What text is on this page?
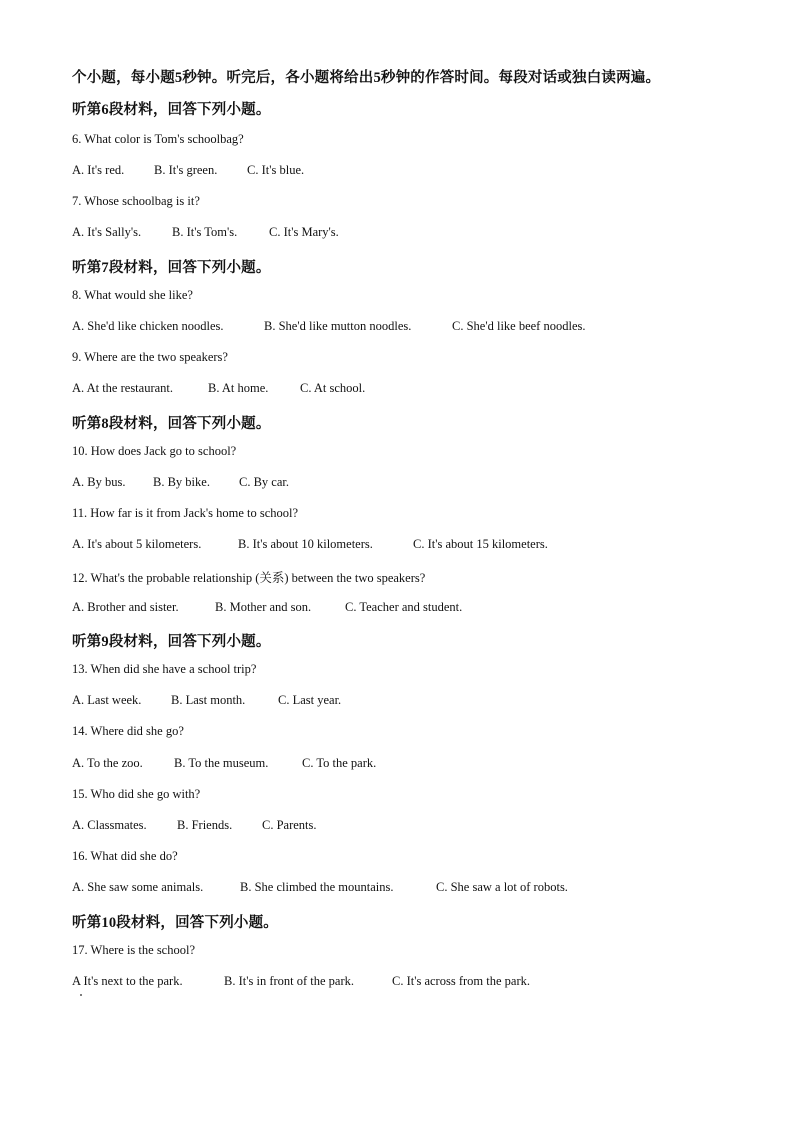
个小题，每小题5秒钟。听完后，各小题将给出5秒钟的作答时间。每段对话或独白读两遍。
听第6段材料，回答下列小题。
6. What color is Tom's schoolbag?
A. It's red. B. It's green. C. It's blue.
7. Whose schoolbag is it?
A. It's Sally's. B. It's Tom's.	C. It's Mary's.
听第7段材料，回答下列小题。
8. What would she like?
A. She'd like chicken noodles.	B. She'd like mutton noodles.	C. She'd like beef noodles.
9. Where are the two speakers?
A. At the restaurant.	B. At home.	C. At school.
听第8段材料，回答下列小题。
10. How does Jack go to school?
A. By bus. B. By bike. C. By car.
11. How far is it from Jack's home to school?
A. It's about 5 kilometers.	B. It's about 10 kilometers.	C. It's about 15 kilometers.
12. What's the probable relationship (关系) between the two speakers?
A. Brother and sister.	B. Mother and son.	C. Teacher and student.
听第9段材料，回答下列小题。
13. When did she have a school trip?
A. Last week. B. Last month.	C. Last year.
14. Where did she go?
A. To the zoo. B. To the museum.	C. To the park.
15. Who did she go with?
A. Classmates. B. Friends. C. Parents.
16. What did she do?
A. She saw some animals.	B. She climbed the mountains.	C. She saw a lot of robots.
听第10段材料，回答下列小题。
17. Where is the school?
A It's next to the park.	B. It's in front of the park.	C. It's across from the park.
